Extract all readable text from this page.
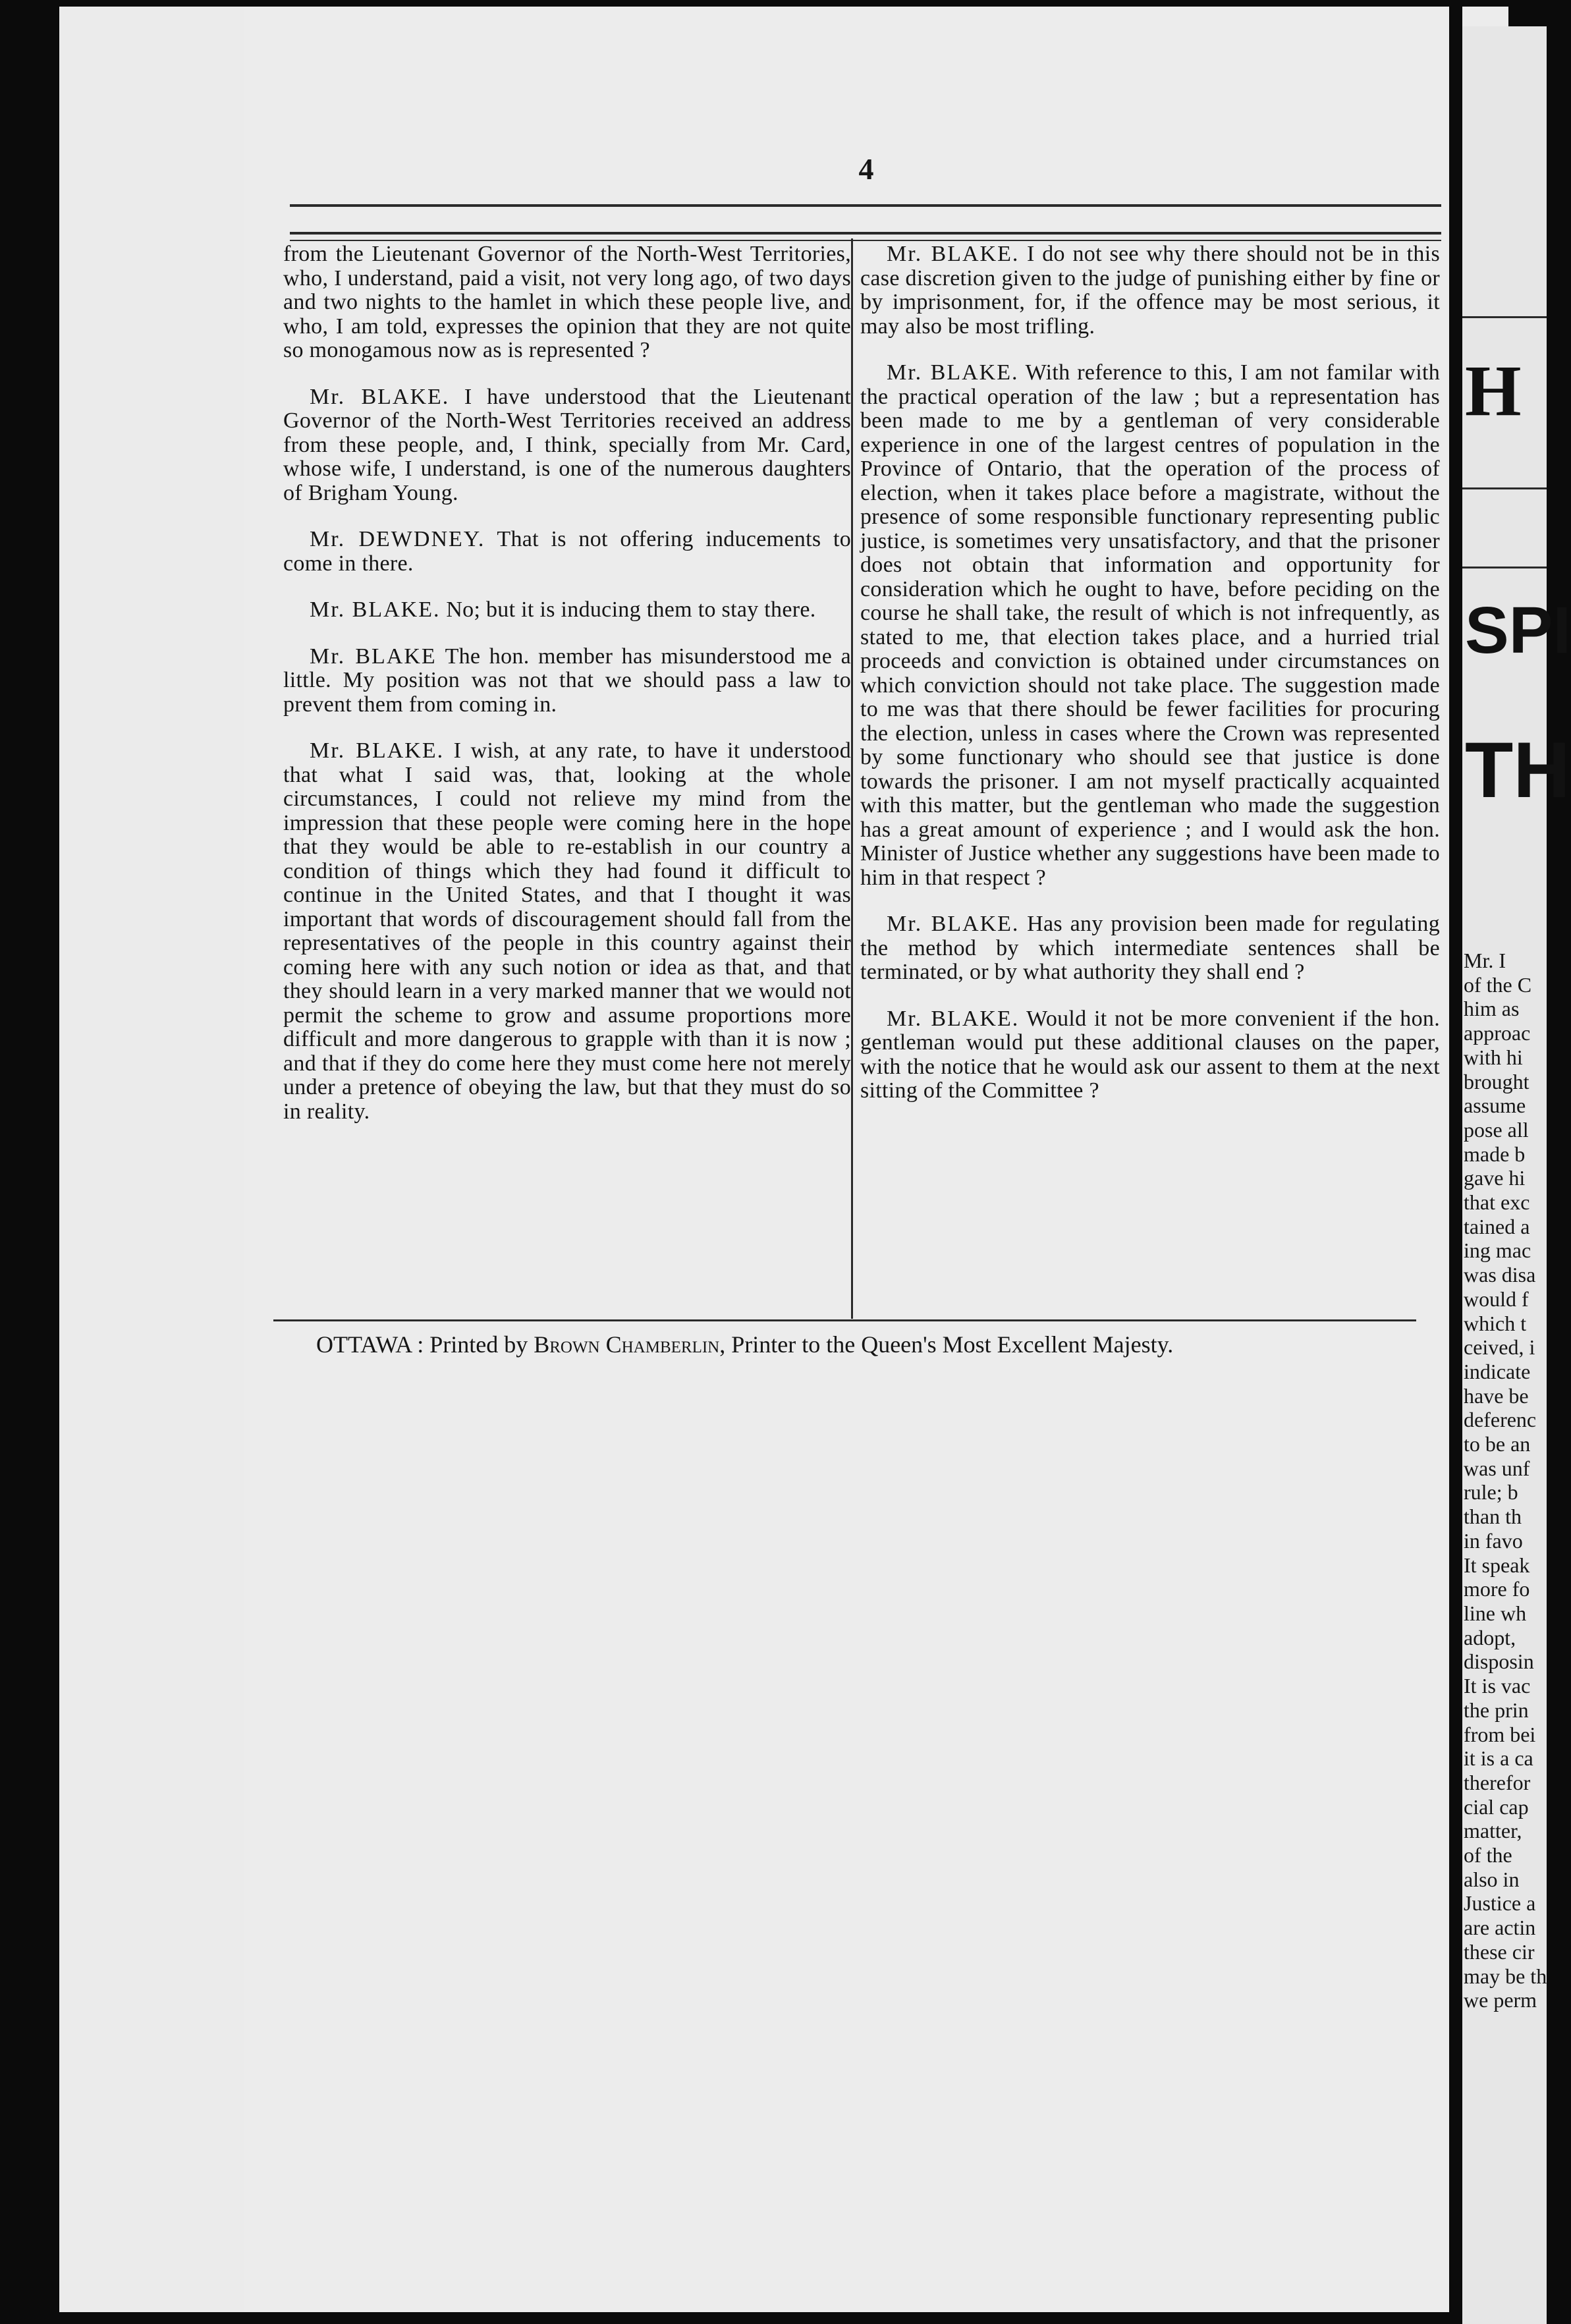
4

from the Lieutenant Governor of the North-West Territories, who, I understand, paid a visit, not very long ago, of two days and two nights to the hamlet in which these people live, and who, I am told, expresses the opinion that they are not quite so monogamous now as is represented ?

Mr. BLAKE. I have understood that the Lieutenant Governor of the North-West Territories received an address from these people, and, I think, specially from Mr. Card, whose wife, I understand, is one of the numerous daughters of Brigham Young.

Mr. DEWDNEY. That is not offering inducements to come in there.

Mr. BLAKE. No; but it is inducing them to stay there.

Mr. BLAKE The hon. member has misunderstood me a little. My position was not that we should pass a law to prevent them from coming in.

Mr. BLAKE. I wish, at any rate, to have it understood that what I said was, that, looking at the whole circumstances, I could not relieve my mind from the impression that these people were coming here in the hope that they would be able to re-establish in our country a condition of things which they had found it difficult to continue in the United States, and that I thought it was important that words of discouragement should fall from the representatives of the people in this country against their coming here with any such notion or idea as that, and that they should learn in a very marked manner that we would not permit the scheme to grow and assume proportions more difficult and more dangerous to grapple with than it is now ; and that if they do come here they must come here not merely under a pretence of obeying the law, but that they must do so in reality.

Mr. BLAKE. I do not see why there should not be in this case discretion given to the judge of punishing either by fine or by imprisonment, for, if the offence may be most serious, it may also be most trifling.

Mr. BLAKE. With reference to this, I am not familar with the practical operation of the law ; but a representation has been made to me by a gentleman of very considerable experience in one of the largest centres of population in the Province of Ontario, that the operation of the process of election, when it takes place before a magistrate, without the presence of some responsible functionary representing public justice, is sometimes very unsatisfactory, and that the prisoner does not obtain that information and opportunity for consideration which he ought to have, before peciding on the course he shall take, the result of which is not infrequently, as stated to me, that election takes place, and a hurried trial proceeds and conviction is obtained under circumstances on which conviction should not take place. The suggestion made to me was that there should be fewer facilities for procuring the election, unless in cases where the Crown was represented by some functionary who should see that justice is done towards the prisoner. I am not myself practically acquainted with this matter, but the gentleman who made the suggestion has a great amount of experience ; and I would ask the hon. Minister of Justice whether any suggestions have been made to him in that respect ?

Mr. BLAKE. Has any provision been made for regulating the method by which intermediate sentences shall be terminated, or by what authority they shall end ?

Mr. BLAKE. Would it not be more convenient if the hon. gentleman would put these additional clauses on the paper, with the notice that he would ask our assent to them at the next sitting of the Committee ?

OTTAWA : Printed by Brown Chamberlin, Printer to the Queen's Most Excellent Majesty.
H
SPI
TH
Mr. I
of the C
him as
approac
with hi
brought
assume
pose all
made b
gave hi
that exc
tained a
ing mac
was disa
would f
which t
ceived, i
indicate
have be
deferenc
to be an
was unf
rule; b
than th
in favo
It speak
more fo
line wh
adopt,
disposin
It is vac
the prin
from bei
it is a ca
therefor
cial cap
matter,
of the
also in
Justice a
are actin
these cir
may be th
we perm
